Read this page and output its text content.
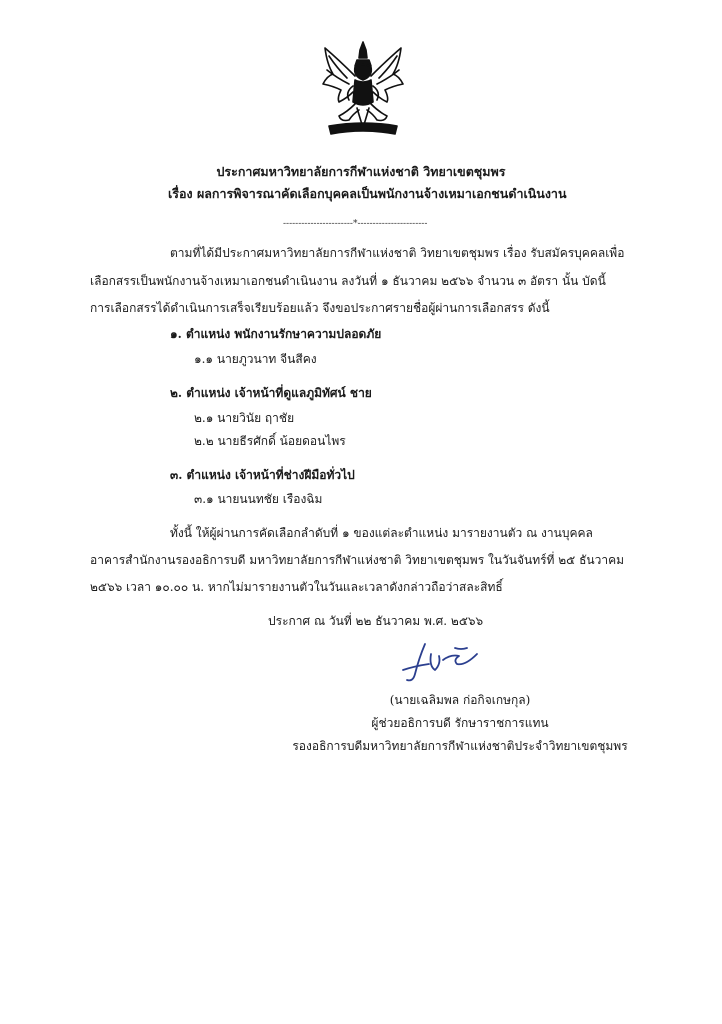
ประกาศมหาวิทยาลัยการกีฬาแห่งชาติ วิทยาเขตชุมพร
เรื่อง ผลการพิจารณาคัดเลือกบุคคลเป็นพนักงานจ้างเหมาเอกชนดำเนินงาน
-----------------------*-----------------------
ตามที่ได้มีประกาศมหาวิทยาลัยการกีฬาแห่งชาติ วิทยาเขตชุมพร เรื่อง รับสมัครบุคคลเพื่อ
เลือกสรรเป็นพนักงานจ้างเหมาเอกชนดำเนินงาน ลงวันที่ ๑ ธันวาคม ๒๕๖๖ จำนวน ๓ อัตรา นั้น บัดนี้
การเลือกสรรได้ดำเนินการเสร็จเรียบร้อยแล้ว จึงขอประกาศรายชื่อผู้ผ่านการเลือกสรร ดังนี้
๑. ตำแหน่ง พนักงานรักษาความปลอดภัย
๑.๑ นายภูวนาท จีนสีคง
๒. ตำแหน่ง เจ้าหน้าที่ดูแลภูมิทัศน์ ชาย
๒.๑ นายวินัย ฤาชัย
๒.๒ นายธีรศักดิ์ น้อยดอนไพร
๓. ตำแหน่ง เจ้าหน้าที่ช่างฝีมือทั่วไป
๓.๑ นายนนทชัย เรืองฉิม
ทั้งนี้ ให้ผู้ผ่านการคัดเลือกลำดับที่ ๑ ของแต่ละตำแหน่ง มารายงานตัว ณ งานบุคคล
อาคารสำนักงานรองอธิการบดี มหาวิทยาลัยการกีฬาแห่งชาติ วิทยาเขตชุมพร ในวันจันทร์ที่ ๒๕ ธันวาคม
๒๕๖๖ เวลา ๑๐.๐๐ น. หากไม่มารายงานตัวในวันและเวลาดังกล่าวถือว่าสละสิทธิ์
ประกาศ ณ วันที่ ๒๒ ธันวาคม พ.ศ. ๒๕๖๖
(นายเฉลิมพล ก่อกิจเกษกุล)
ผู้ช่วยอธิการบดี รักษาราชการแทน
รองอธิการบดีมหาวิทยาลัยการกีฬาแห่งชาติประจำวิทยาเขตชุมพร
